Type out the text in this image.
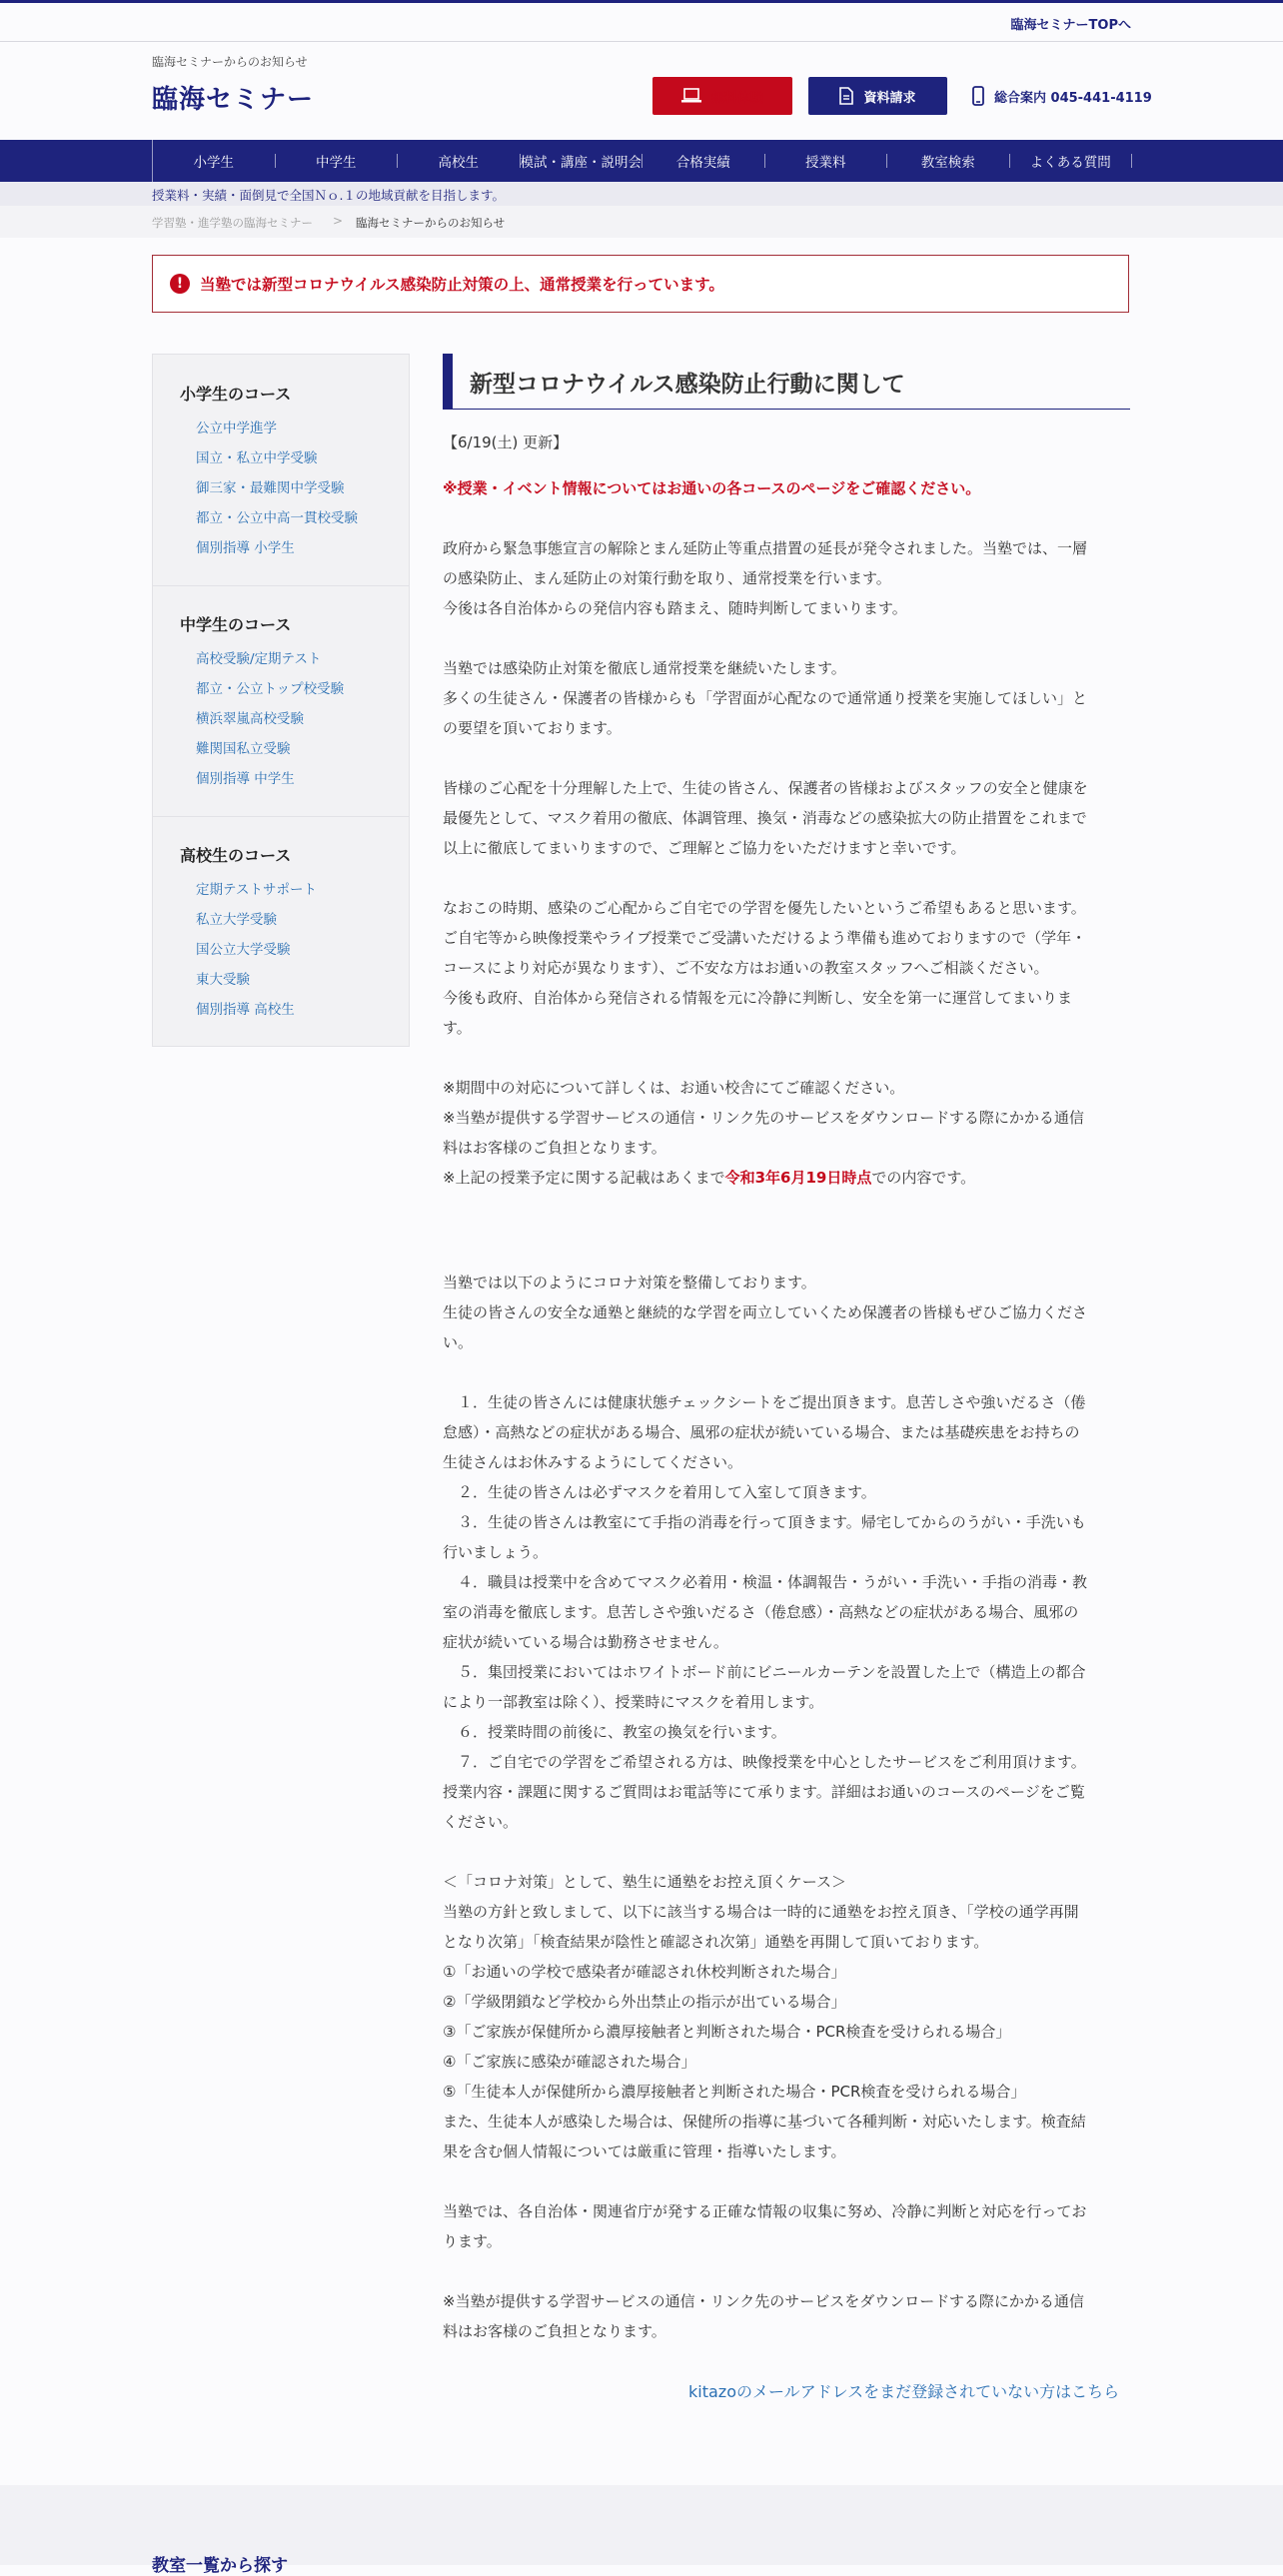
臨海セミナーTOPへ
臨海セミナーからのお知らせ
臨海セミナー	無料体験	資料請求	総合案内 045-441-4119
小学生	中学生	高校生	模試・講座・説明会	合格実績	授業料	教室検索	よくある質問
授業料・実績・面倒見で全国Ｎｏ.１の地域貢献を目指します。
学習塾・進学塾の臨海セミナー > 臨海セミナーからのお知らせ
!	当塾では新型コロナウイルス感染防止対策の上、通常授業を行っています。
小学生のコース
公立中学進学
国立・私立中学受験
御三家・最難関中学受験
都立・公立中高一貫校受験
個別指導 小学生
中学生のコース
高校受験/定期テスト
都立・公立トップ校受験
横浜翠嵐高校受験
難関国私立受験
個別指導 中学生
高校生のコース
定期テストサポート
私立大学受験
国公立大学受験
東大受験
個別指導 高校生
新型コロナウイルス感染防止行動に関して
【6/19(土) 更新】
※授業・イベント情報についてはお通いの各コースのページをご確認ください。
政府から緊急事態宣言の解除とまん延防止等重点措置の延長が発令されました。当塾では、一層
の感染防止、まん延防止の対策行動を取り、通常授業を行います。
今後は各自治体からの発信内容も踏まえ、随時判断してまいります。
当塾では感染防止対策を徹底し通常授業を継続いたします。
多くの生徒さん・保護者の皆様からも「学習面が心配なので通常通り授業を実施してほしい」と
の要望を頂いております。
皆様のご心配を十分理解した上で、生徒の皆さん、保護者の皆様およびスタッフの安全と健康を
最優先として、マスク着用の徹底、体調管理、換気・消毒などの感染拡大の防止措置をこれまで
以上に徹底してまいりますので、ご理解とご協力をいただけますと幸いです。
なおこの時期、感染のご心配からご自宅での学習を優先したいというご希望もあると思います。
ご自宅等から映像授業やライブ授業でご受講いただけるよう準備も進めておりますので（学年・
コースにより対応が異なります）、ご不安な方はお通いの教室スタッフへご相談ください。
今後も政府、自治体から発信される情報を元に冷静に判断し、安全を第一に運営してまいりま
す。
※期間中の対応について詳しくは、お通い校舎にてご確認ください。
※当塾が提供する学習サービスの通信・リンク先のサービスをダウンロードする際にかかる通信
料はお客様のご負担となります。
※上記の授業予定に関する記載はあくまで令和3年6月19日時点での内容です。
当塾では以下のようにコロナ対策を整備しております。
生徒の皆さんの安全な通塾と継続的な学習を両立していくため保護者の皆様もぜひご協力くださ
い。
　１．生徒の皆さんには健康状態チェックシートをご提出頂きます。息苦しさや強いだるさ（倦
怠感）・高熱などの症状がある場合、風邪の症状が続いている場合、または基礎疾患をお持ちの
生徒さんはお休みするようにしてください。
　２．生徒の皆さんは必ずマスクを着用して入室して頂きます。
　３．生徒の皆さんは教室にて手指の消毒を行って頂きます。帰宅してからのうがい・手洗いも
行いましょう。
　４．職員は授業中を含めてマスク必着用・検温・体調報告・うがい・手洗い・手指の消毒・教
室の消毒を徹底します。息苦しさや強いだるさ（倦怠感）・高熱などの症状がある場合、風邪の
症状が続いている場合は勤務させません。
　５．集団授業においてはホワイトボード前にビニールカーテンを設置した上で（構造上の都合
により一部教室は除く）、授業時にマスクを着用します。
　６．授業時間の前後に、教室の換気を行います。
　７．ご自宅での学習をご希望される方は、映像授業を中心としたサービスをご利用頂けます。
授業内容・課題に関するご質問はお電話等にて承ります。詳細はお通いのコースのページをご覧
ください。
＜「コロナ対策」として、塾生に通塾をお控え頂くケース＞
当塾の方針と致しまして、以下に該当する場合は一時的に通塾をお控え頂き、「学校の通学再開
となり次第」「検査結果が陰性と確認され次第」通塾を再開して頂いております。
①「お通いの学校で感染者が確認され休校判断された場合」
②「学級閉鎖など学校から外出禁止の指示が出ている場合」
③「ご家族が保健所から濃厚接触者と判断された場合・PCR検査を受けられる場合」
④「ご家族に感染が確認された場合」
⑤「生徒本人が保健所から濃厚接触者と判断された場合・PCR検査を受けられる場合」
また、生徒本人が感染した場合は、保健所の指導に基づいて各種判断・対応いたします。検査結
果を含む個人情報については厳重に管理・指導いたします。
当塾では、各自治体・関連省庁が発する正確な情報の収集に努め、冷静に判断と対応を行ってお
ります。
※当塾が提供する学習サービスの通信・リンク先のサービスをダウンロードする際にかかる通信
料はお客様のご負担となります。
kitazoのメールアドレスをまだ登録されていない方はこちら
教室一覧から探す
